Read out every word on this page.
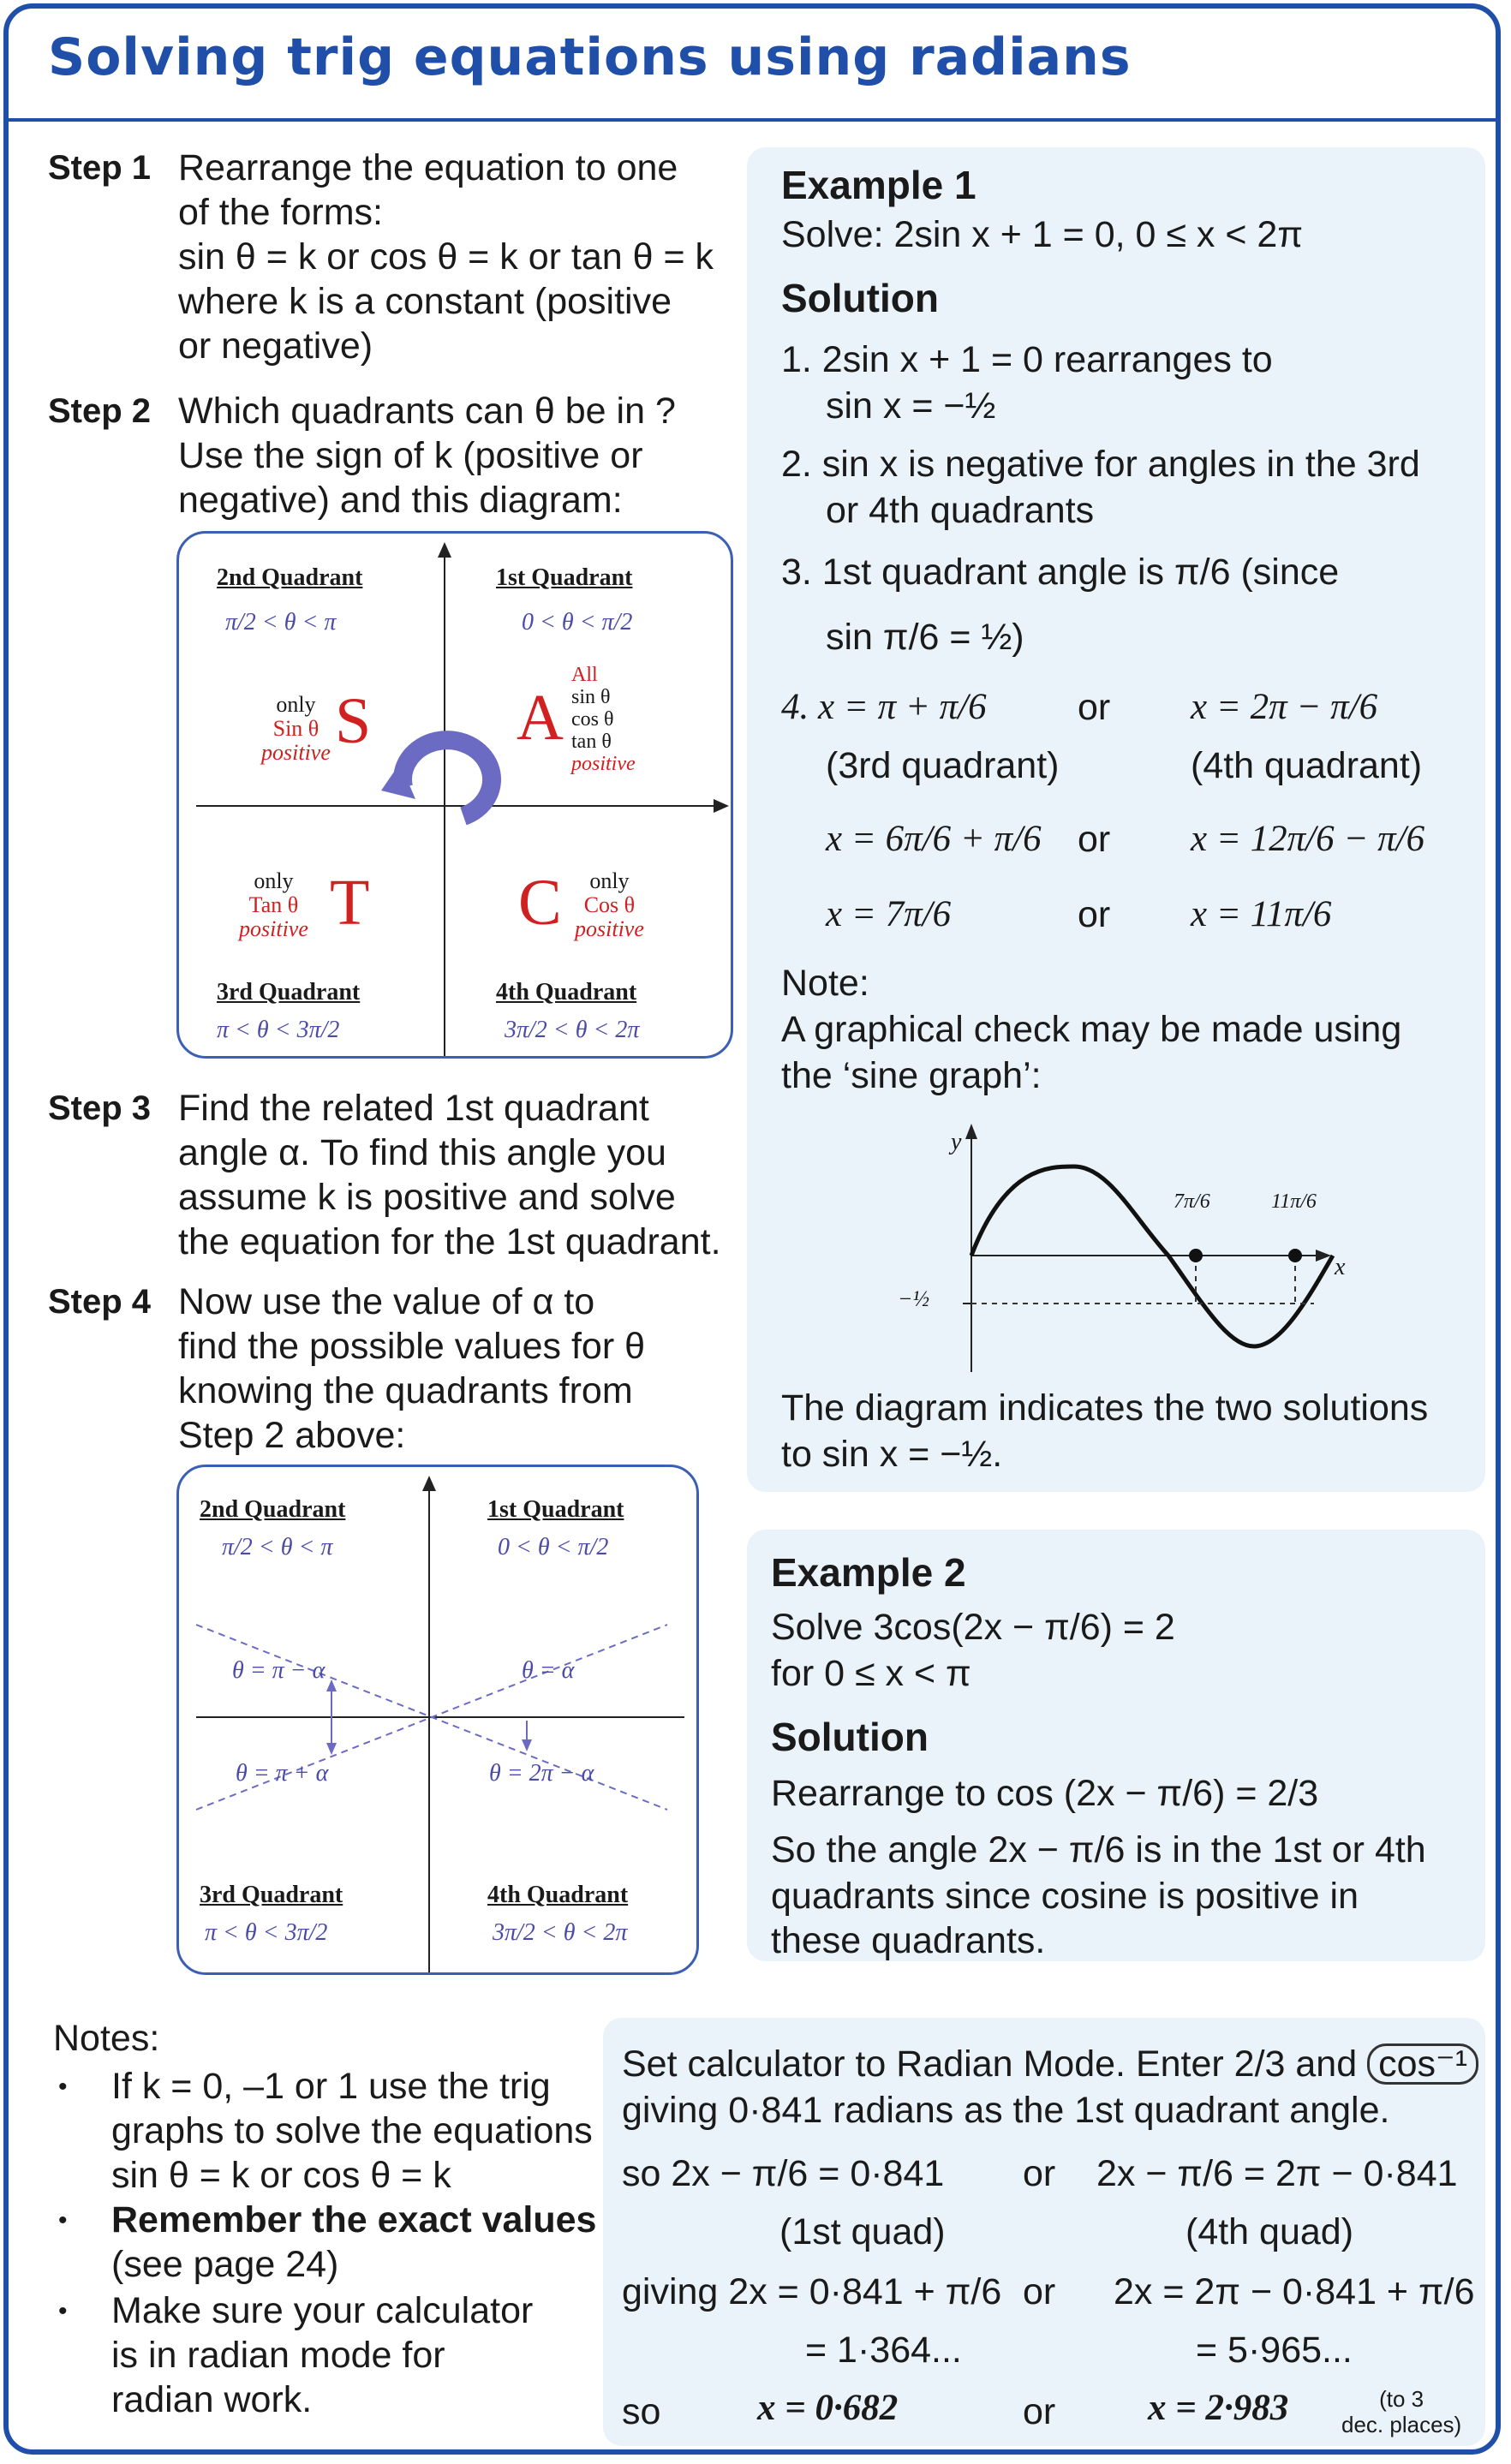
Solving trig equations using radians
Step 1 Rearrange the equation to one
of the forms:
sin θ = k or cos θ = k or tan θ = k
where k is a constant (positive
or negative)
Step 2 Which quadrants can θ be in ?
Use the sign of k (positive or
negative) and this diagram:
2nd Quadrant
π/2 < θ < π
1st Quadrant
0 < θ < π/2
only
Sin θ
positive S A
All
sin θ
cos θ
tan θ
positive
only
Tan θ
positive T C	only
Cos θ
positive
3rd Quadrant
π < θ < 3π/2
4th Quadrant
3π/2 < θ < 2π
Step 3 Find the related 1st quadrant
angle α. To find this angle you
assume k is positive and solve
the equation for the 1st quadrant.
Step 4 Now use the value of α to
find the possible values for θ
knowing the quadrants from
Step 2 above:
2nd Quadrant
π/2 < θ < π
1st Quadrant
0 < θ < π/2
θ = π − α	θ = α
θ = π + α	θ = 2π − α
3rd Quadrant
π < θ < 3π/2
4th Quadrant
3π/2 < θ < 2π
Notes:
• If k = 0, –1 or 1 use the trig
graphs to solve the equations
sin θ = k or cos θ = k
• Remember the exact values
(see page 24)
• Make sure your calculator
is in radian mode for
radian work.
Example 1
Solve: 2sin x + 1 = 0, 0 ≤ x < 2π
Solution
1. 2sin x + 1 = 0 rearranges to
sin x = −½
2. sin x is negative for angles in the 3rd
or 4th quadrants
3. 1st quadrant angle is π/6 (since
sin π/6 = ½)
4. x = π + π/6 or x = 2π − π/6
(3rd quadrant)	(4th quadrant)
x = 6π/6 + π/6 or x = 12π/6 − π/6
x = 7π/6	or x = 11π/6
Note:
A graphical check may be made using
the ‘sine graph’:
y
x
7π/6	11π/6
−½
The diagram indicates the two solutions
to sin x = −½.
Example 2
Solve 3cos(2x − π/6) = 2
for 0 ≤ x < π
Solution
Rearrange to cos (2x − π/6) = 2/3
So the angle 2x − π/6 is in the 1st or 4th
quadrants since cosine is positive in
these quadrants.
Set calculator to Radian Mode. Enter 2/3 and cos⁻¹
giving 0·841 radians as the 1st quadrant angle.
so 2x − π/6 = 0·841 or 2x − π/6 = 2π − 0·841
(1st quad)	(4th quad)
giving 2x = 0·841 + π/6 or 2x = 2π − 0·841 + π/6
= 1·364...	= 5·965...
so	x = 0·682	or	x = 2·983	(to 3
dec. places)
